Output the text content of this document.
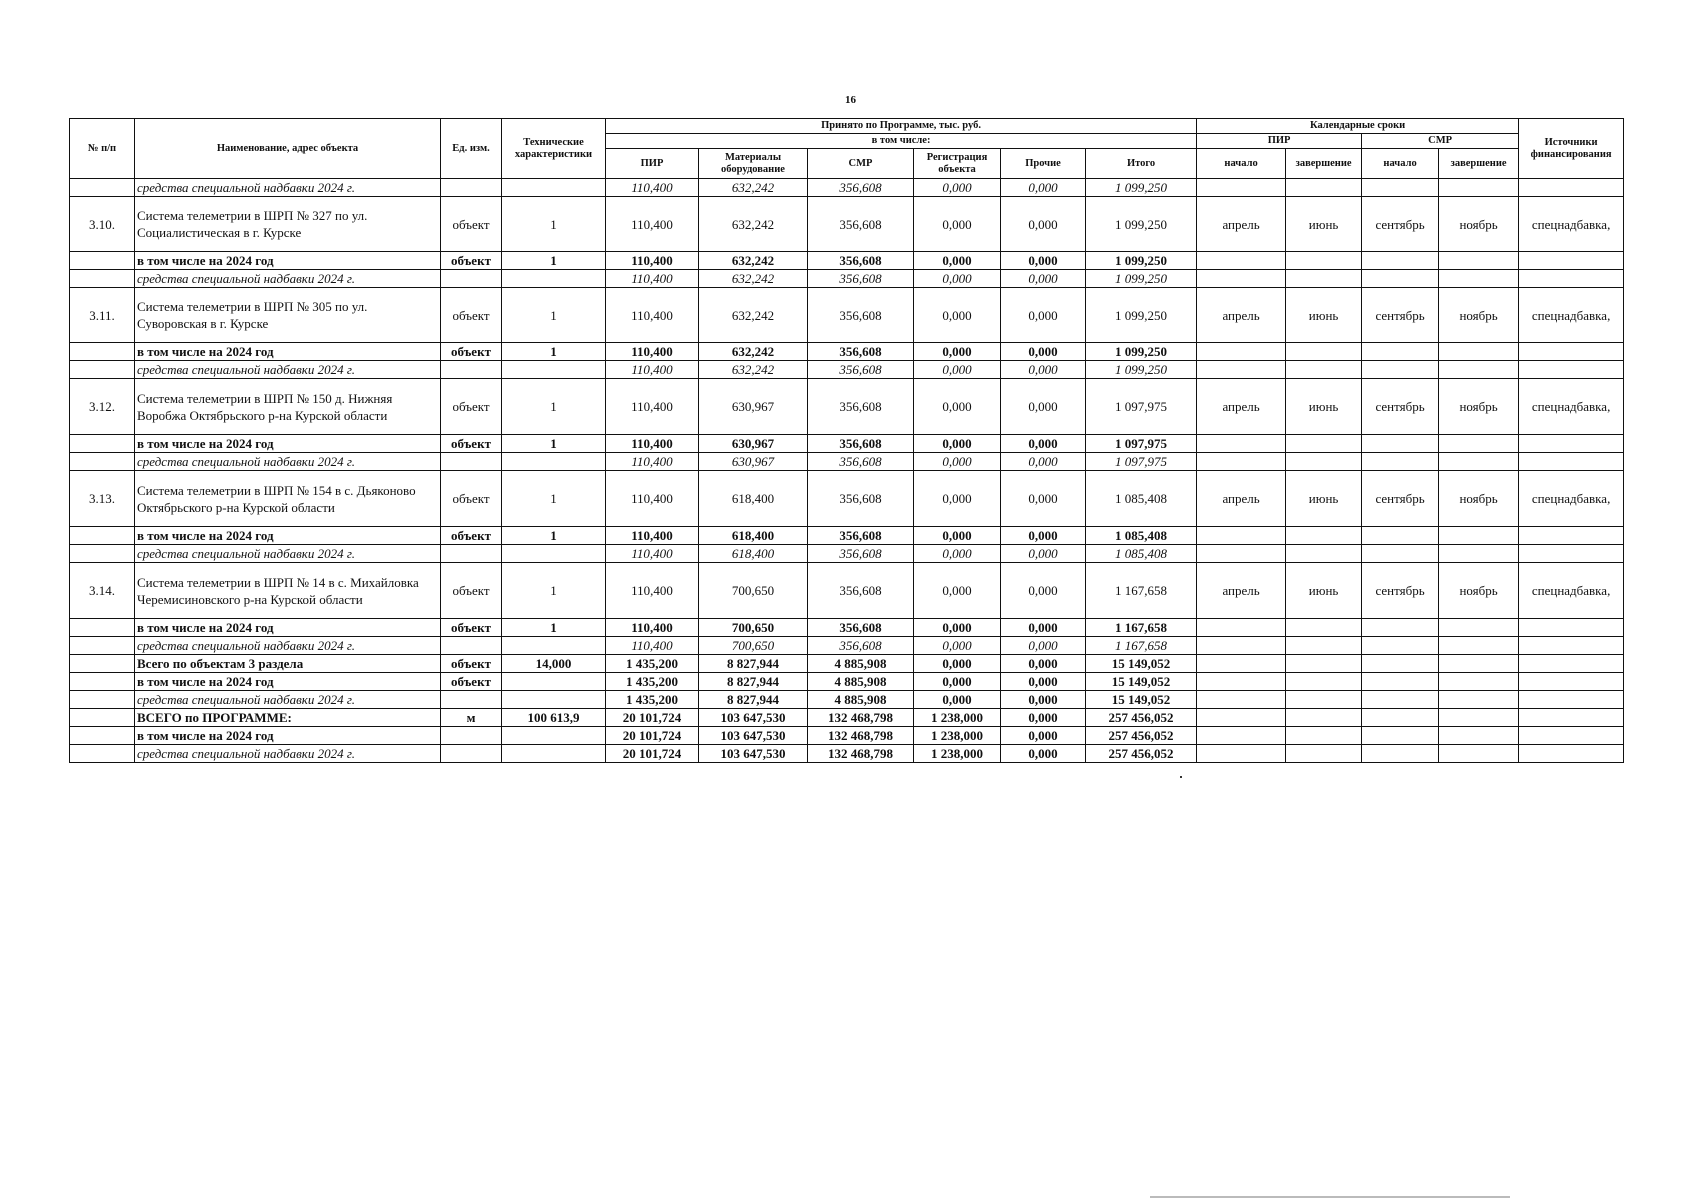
16
№ п/п	Наименование, адрес объекта	Ед. изм.	Технические характеристики	Принято по Программе, тыс. руб.						Календарные сроки				Источники финансирования
				в том числе:						ПИР		СМР		
				ПИР	Материалы оборудование	СМР	Регистрация объекта	Прочие	Итого	начало	завершение	начало	завершение	
	средства специальной надбавки 2024 г.			110,400	632,242	356,608	0,000	0,000	1 099,250					
3.10.	Система телеметрии в ШРП № 327 по ул. Социалистическая в г. Курске	объект	1	110,400	632,242	356,608	0,000	0,000	1 099,250	апрель	июнь	сентябрь	ноябрь	спецнадбавка,
	в том числе на 2024 год	объект	1	110,400	632,242	356,608	0,000	0,000	1 099,250					
	средства специальной надбавки 2024 г.			110,400	632,242	356,608	0,000	0,000	1 099,250					
3.11.	Система телеметрии в ШРП № 305 по ул. Суворовская в г. Курске	объект	1	110,400	632,242	356,608	0,000	0,000	1 099,250	апрель	июнь	сентябрь	ноябрь	спецнадбавка,
	в том числе на 2024 год	объект	1	110,400	632,242	356,608	0,000	0,000	1 099,250					
	средства специальной надбавки 2024 г.			110,400	632,242	356,608	0,000	0,000	1 099,250					
3.12.	Система телеметрии в ШРП № 150 д. Нижняя Воробжа Октябрьского р-на Курской области	объект	1	110,400	630,967	356,608	0,000	0,000	1 097,975	апрель	июнь	сентябрь	ноябрь	спецнадбавка,
	в том числе на 2024 год	объект	1	110,400	630,967	356,608	0,000	0,000	1 097,975					
	средства специальной надбавки 2024 г.			110,400	630,967	356,608	0,000	0,000	1 097,975					
3.13.	Система телеметрии в ШРП № 154 в с. Дьяконово Октябрьского р-на Курской области	объект	1	110,400	618,400	356,608	0,000	0,000	1 085,408	апрель	июнь	сентябрь	ноябрь	спецнадбавка,
	в том числе на 2024 год	объект	1	110,400	618,400	356,608	0,000	0,000	1 085,408					
	средства специальной надбавки 2024 г.			110,400	618,400	356,608	0,000	0,000	1 085,408					
3.14.	Система телеметрии в ШРП № 14 в с. Михайловка Черемисиновского р-на Курской области	объект	1	110,400	700,650	356,608	0,000	0,000	1 167,658	апрель	июнь	сентябрь	ноябрь	спецнадбавка,
	в том числе на 2024 год	объект	1	110,400	700,650	356,608	0,000	0,000	1 167,658					
	средства специальной надбавки 2024 г.			110,400	700,650	356,608	0,000	0,000	1 167,658					
	Всего по объектам 3 раздела	объект	14,000	1 435,200	8 827,944	4 885,908	0,000	0,000	15 149,052					
	в том числе на 2024 год	объект		1 435,200	8 827,944	4 885,908	0,000	0,000	15 149,052					
	средства специальной надбавки 2024 г.			1 435,200	8 827,944	4 885,908	0,000	0,000	15 149,052					
	ВСЕГО по ПРОГРАММЕ:	м	100 613,9	20 101,724	103 647,530	132 468,798	1 238,000	0,000	257 456,052					
	в том числе на 2024 год			20 101,724	103 647,530	132 468,798	1 238,000	0,000	257 456,052					
	средства специальной надбавки 2024 г.			20 101,724	103 647,530	132 468,798	1 238,000	0,000	257 456,052					
